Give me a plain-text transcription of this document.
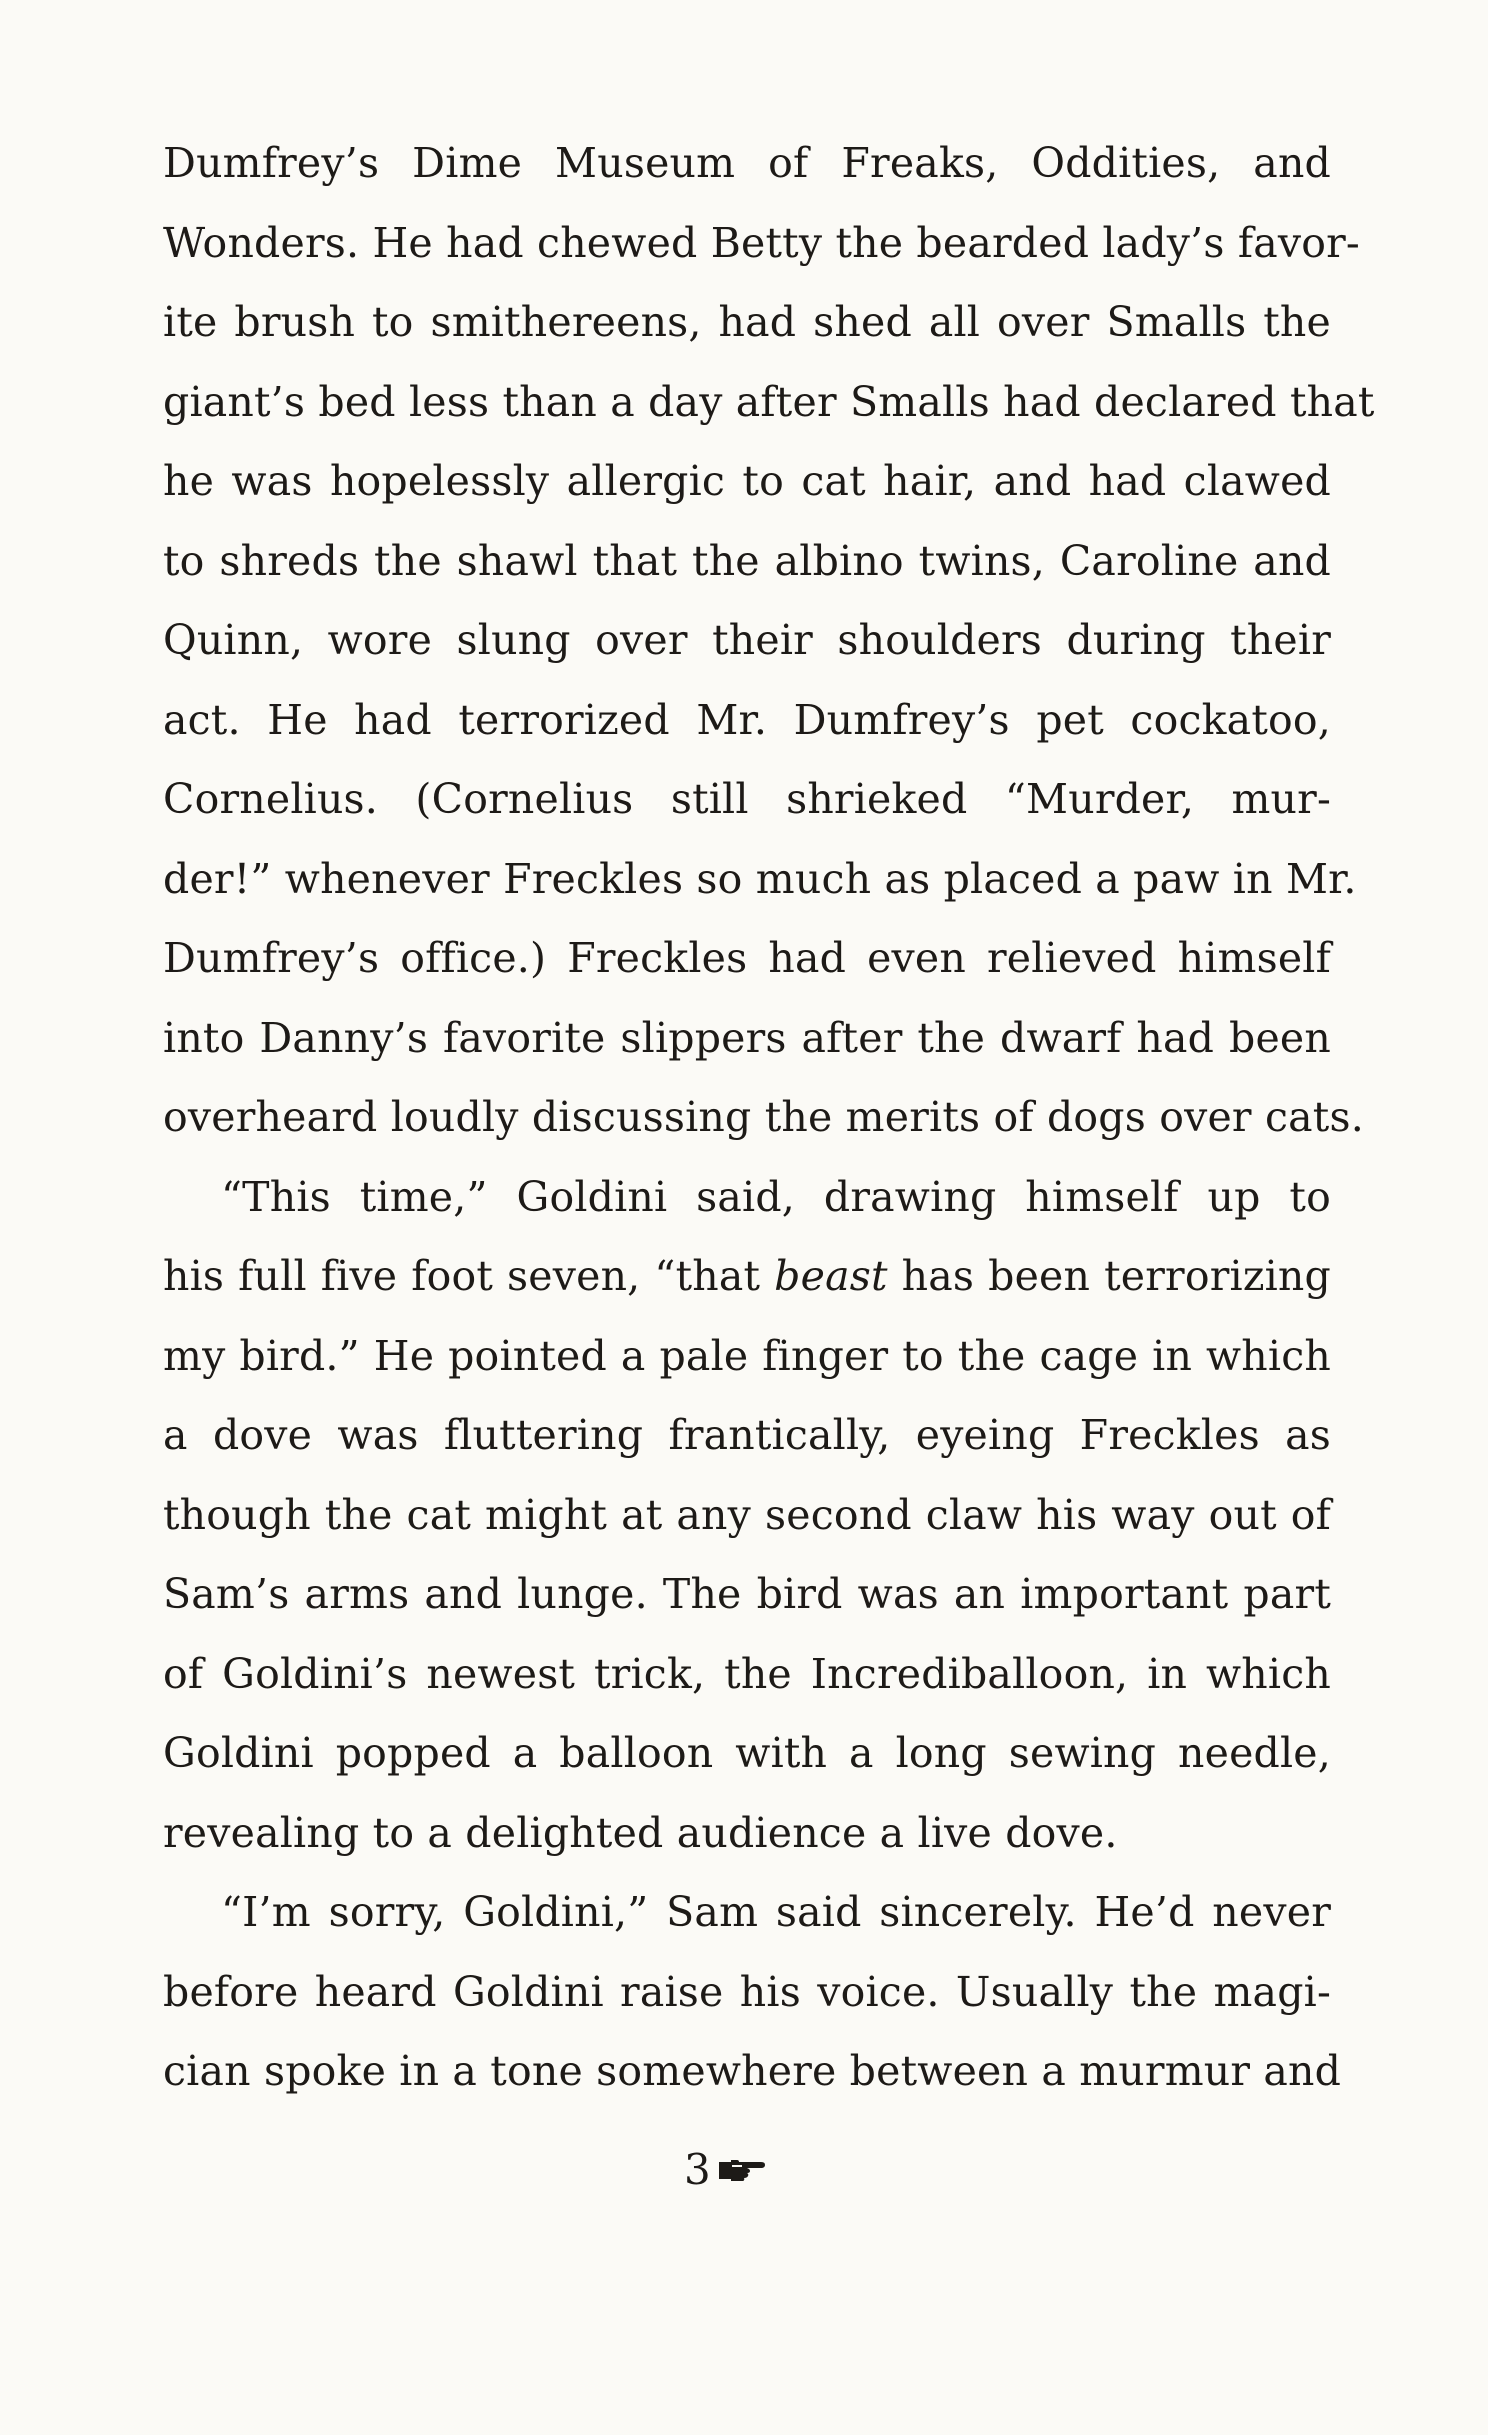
Dumfrey’s Dime Museum of Freaks, Oddities, and
Wonders. He had chewed Betty the bearded lady’s favor-
ite brush to smithereens, had shed all over Smalls the
giant’s bed less than a day after Smalls had declared that
he was hopelessly allergic to cat hair, and had clawed
to shreds the shawl that the albino twins, Caroline and
Quinn, wore slung over their shoulders during their
act. He had terrorized Mr. Dumfrey’s pet cockatoo,
Cornelius. (Cornelius still shrieked “Murder, mur-
der!” whenever Freckles so much as placed a paw in Mr.
Dumfrey’s office.) Freckles had even relieved himself
into Danny’s favorite slippers after the dwarf had been
overheard loudly discussing the merits of dogs over cats.
“This time,” Goldini said, drawing himself up to
his full five foot seven, “that beast has been terrorizing
my bird.” He pointed a pale finger to the cage in which
a dove was fluttering frantically, eyeing Freckles as
though the cat might at any second claw his way out of
Sam’s arms and lunge. The bird was an important part
of Goldini’s newest trick, the Incrediballoon, in which
Goldini popped a balloon with a long sewing needle,
revealing to a delighted audience a live dove.
“I’m sorry, Goldini,” Sam said sincerely. He’d never
before heard Goldini raise his voice. Usually the magi-
cian spoke in a tone somewhere between a murmur and
3
